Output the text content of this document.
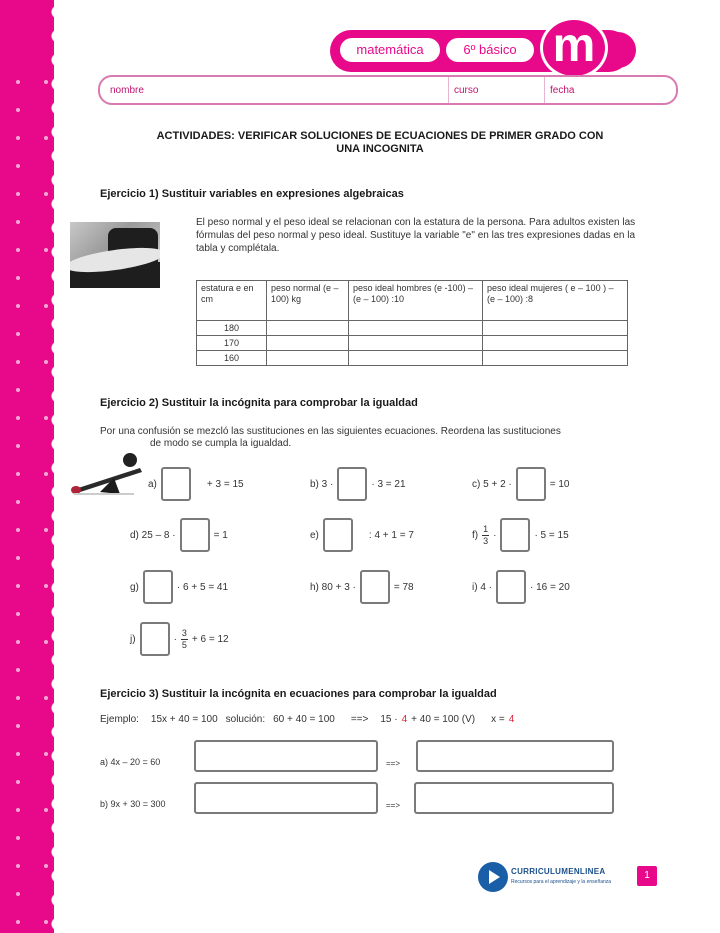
matemática	6º básico m
nombre	curso	fecha
ACTIVIDADES: VERIFICAR SOLUCIONES DE ECUACIONES DE PRIMER GRADO CON
UNA INCOGNITA
Ejercicio 1) Sustituir variables en expresiones algebraicas
El peso normal y el peso ideal se relacionan con la estatura de la persona. Para adultos existen las fórmulas del peso normal y peso ideal. Sustituye la variable "e" en las tres expresiones dadas en la tabla y complétala.
estatura e en cm	peso normal (e – 100) kg	peso ideal hombres (e -100) – (e – 100) :10	peso ideal mujeres ( e – 100 ) – (e – 100) :8
180			
170			
160			
Ejercicio 2) Sustituir la incógnita para comprobar la igualdad
Por una confusión se mezcló las sustituciones en las siguientes ecuaciones. Reordena las sustituciones
de modo se cumpla la igualdad.
a)	+ 3 = 15	b) 3 ·	· 3 = 21	c) 5 + 2 ·	= 10
d) 25 – 8 ·	= 1	e)	: 4 + 1 = 7	$f) \frac{1}{3}$ ·	· 5 = 15
g)	· 6 + 5 = 41	h) 80 + 3 ·	= 78	i) 4 ·	· 16 = 20
j)	· $\frac{3}{5} + 6 = 12$
Ejercicio 3) Sustituir la incógnita en ecuaciones para comprobar la igualdad
Ejemplo: 15x + 40 = 100 solución: 60 + 40 = 100 ==> 15 · 4 + 40 = 100 (V) x = 4
a) 4x – 20 = 60	==>
b) 9x + 30 = 300	==>
CURRICULUMENLINEA
Recursos para el aprendizaje y la enseñanza
1
